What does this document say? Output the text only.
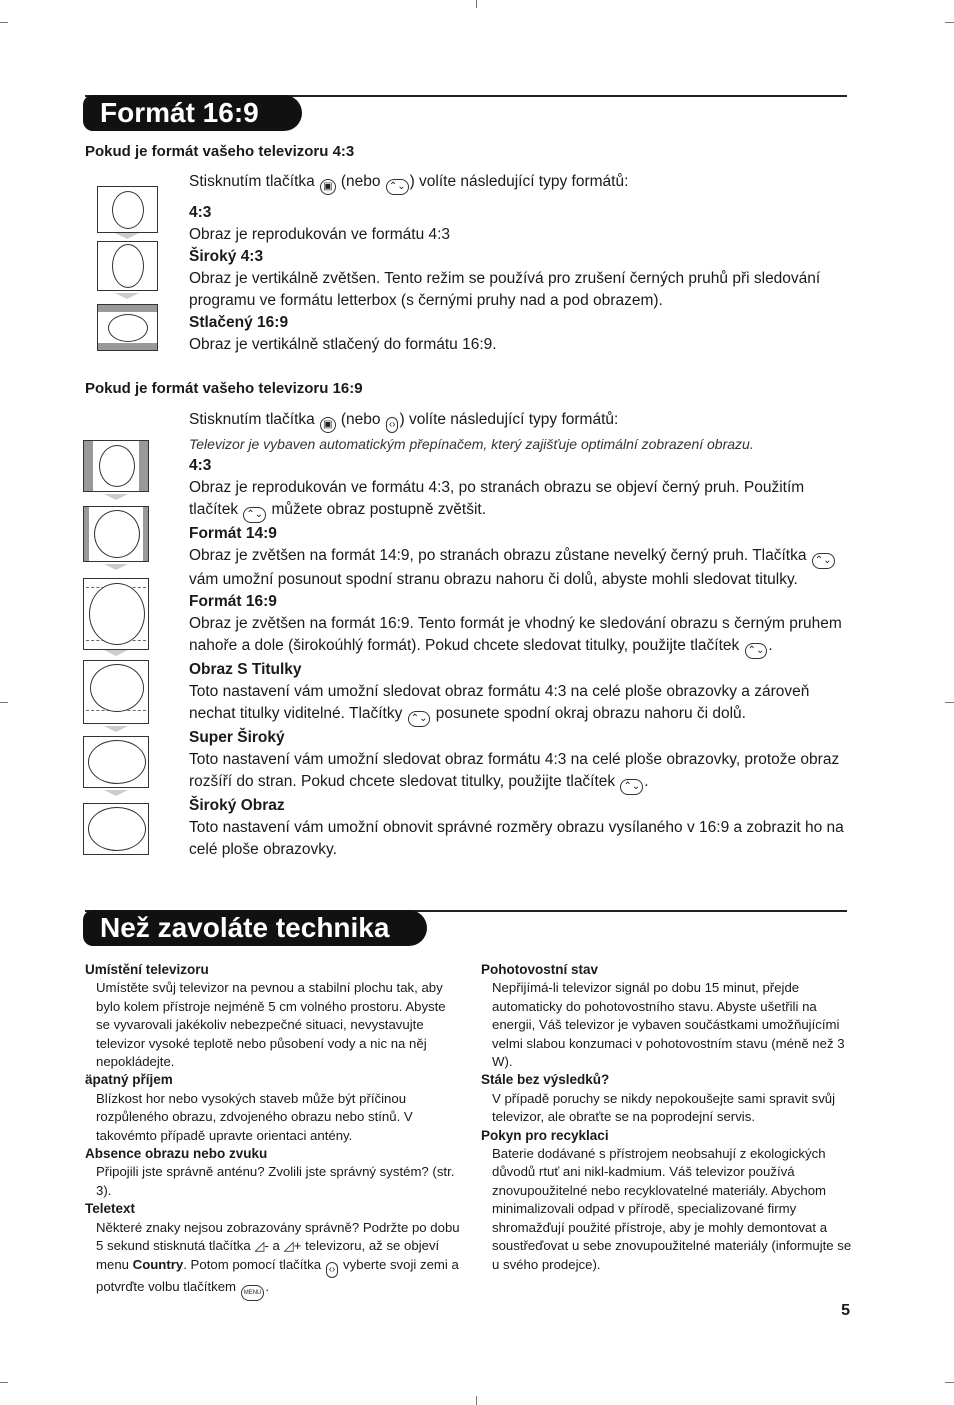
Formát 16:9
Pokud je formát vašeho televizoru 4:3

Stisknutím tlačítka ▣ (nebo ⌃⌄ ) volíte následující typy formátů:

4:3

Obraz je reprodukován ve formátu 4:3

Široký 4:3

Obraz je vertikálně zvětšen. Tento režim se používá pro zrušení černých pruhů při sledování programu ve formátu letterbox (s černými pruhy nad a pod obrazem).

Stlačený 16:9

Obraz je vertikálně stlačený do formátu 16:9.

Pokud je formát vašeho televizoru 16:9

Stisknutím tlačítka ▣ (nebo ‹› ) volíte následující typy formátů:

Televizor je vybaven automatickým přepínačem, který zajišťuje optimální zobrazení obrazu.

4:3

Obraz je reprodukován ve formátu 4:3, po stranách obrazu se objeví černý pruh. Použitím tlačítek ⌃⌄ můžete obraz postupně zvětšit.

Formát 14:9

Obraz je zvětšen na formát 14:9, po stranách obrazu zůstane nevelký černý pruh. Tlačítka ⌃⌄ vám umožní posunout spodní stranu obrazu nahoru či dolů, abyste mohli sledovat titulky.

Formát 16:9

Obraz je zvětšen na formát 16:9. Tento formát je vhodný ke sledování obrazu s černým pruhem nahoře a dole (širokoúhlý formát). Pokud chcete sledovat titulky, použijte tlačítek ⌃⌄ .

Obraz S Titulky

Toto nastavení vám umožní sledovat obraz formátu 4:3 na celé ploše obrazovky a zároveň nechat titulky viditelné. Tlačítky ⌃⌄ posunete spodní okraj obrazu nahoru či dolů.

Super Široký

Toto nastavení vám umožní sledovat obraz formátu 4:3 na celé ploše obrazovky, protože obraz rozšíří do stran. Pokud chcete sledovat titulky, použijte tlačítek ⌃⌄ .

Široký Obraz

Toto nastavení vám umožní obnovit správné rozměry obrazu vysílaného v 16:9 a zobrazit ho na celé ploše obrazovky.

Než zavoláte technika
Umístění televizoru
Umístěte svůj televizor na pevnou a stabilní plochu tak, aby bylo kolem přístroje nejméně 5 cm volného prostoru. Abyste se vyvarovali jakékoliv nebezpečné situaci, nevystavujte televizor vysoké teplotě nebo působení vody a nic na něj nepokládejte.
äpatný příjem
Blízkost hor nebo vysokých staveb může být příčinou rozpůleného obrazu, zdvojeného obrazu nebo stínů. V takovémto případě upravte orientaci antény.
Absence obrazu nebo zvuku
Připojili jste správně anténu? Zvolili jste správný systém? (str. 3).
Teletext
Některé znaky nejsou zobrazovány správně? Podržte po dobu 5 sekund stisknutá tlačítka ◿- a ◿+ televizoru, až se objeví menu Country. Potom pomocí tlačítka ‹› vyberte svoji zemi a potvrďte volbu tlačítkem MENU .
Pohotovostní stav
Nepřijímá-li televizor signál po dobu 15 minut, přejde automaticky do pohotovostního stavu. Abyste ušetřili na energii, Váš televizor je vybaven součástkami umožňujícími velmi slabou konzumaci v pohotovostním stavu (méně než 3 W).
Stále bez výsledků?
V případě poruchy se nikdy nepokoušejte sami spravit svůj televizor, ale obraťte se na poprodejní servis.
Pokyn pro recyklaci
Baterie dodávané s přístrojem neobsahují z ekologických důvodů rtuť ani nikl-kadmium. Váš televizor používá znovupoužitelné nebo recyklovatelné materiály. Abychom minimalizovali odpad v přírodě, specializované firmy shromažďují použité přístroje, aby je mohly demontovat a soustřeďovat u sebe znovupoužitelné materiály (informujte se u svého prodejce).
5
